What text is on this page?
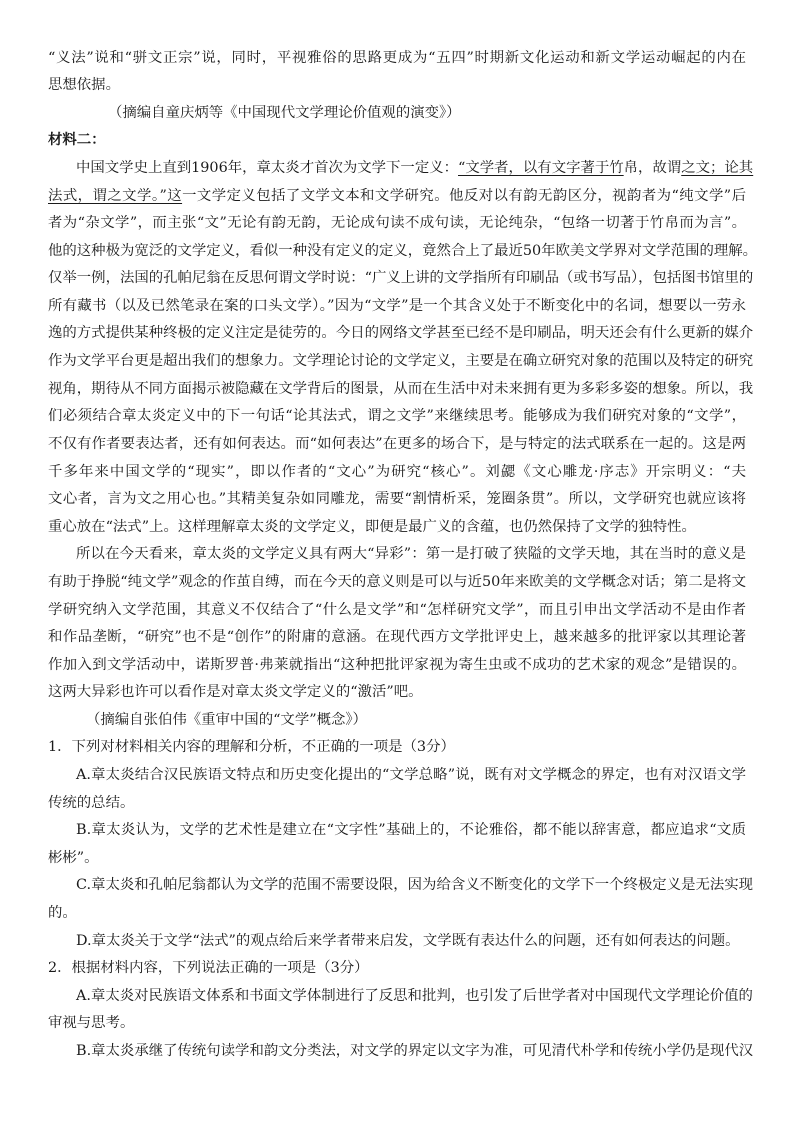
“义法”说和“骈文正宗”说，同时，平视雅俗的思路更成为“五四”时期新文化运动和新文学运动崛起的内在
思想依据。
（摘编自童庆炳等《中国现代文学理论价值观的演变》）
材料二：
中国文学史上直到1906年，章太炎才首次为文学下一定义：“文学者，以有文字著于竹帛，故谓之文；论其
法式，谓之文学。”这一文学定义包括了文学文本和文学研究。他反对以有韵无韵区分，视韵者为“纯文学”后
者为“杂文学”，而主张“文”无论有韵无韵，无论成句读不成句读，无论纯杂，“包络一切著于竹帛而为言”。
他的这种极为宽泛的文学定义，看似一种没有定义的定义，竟然合上了最近50年欧美文学界对文学范围的理解。
仅举一例，法国的孔帕尼翁在反思何谓文学时说：“广义上讲的文学指所有印刷品（或书写品），包括图书馆里的
所有藏书（以及已然笔录在案的口头文学）。”因为“文学”是一个其含义处于不断变化中的名词，想要以一劳永
逸的方式提供某种终极的定义注定是徒劳的。今日的网络文学甚至已经不是印刷品，明天还会有什么更新的媒介
作为文学平台更是超出我们的想象力。文学理论讨论的文学定义，主要是在确立研究对象的范围以及特定的研究
视角，期待从不同方面揭示被隐藏在文学背后的图景，从而在生活中对未来拥有更为多彩多姿的想象。所以，我
们必须结合章太炎定义中的下一句话“论其法式，谓之文学”来继续思考。能够成为我们研究对象的“文学”，
不仅有作者要表达者，还有如何表达。而“如何表达”在更多的场合下，是与特定的法式联系在一起的。这是两
千多年来中国文学的“现实”，即以作者的“文心”为研究“核心”。刘勰《文心雕龙·序志》开宗明义：“夫
文心者，言为文之用心也。”其精美复杂如同雕龙，需要“割情析采，笼圈条贯”。所以，文学研究也就应该将
重心放在“法式”上。这样理解章太炎的文学定义，即便是最广义的含蕴，也仍然保持了文学的独特性。
所以在今天看来，章太炎的文学定义具有两大“异彩”：第一是打破了狭隘的文学天地，其在当时的意义是
有助于挣脱“纯文学”观念的作茧自缚，而在今天的意义则是可以与近50年来欧美的文学概念对话；第二是将文
学研究纳入文学范围，其意义不仅结合了“什么是文学”和“怎样研究文学”，而且引申出文学活动不是由作者
和作品垄断，“研究”也不是“创作”的附庸的意涵。在现代西方文学批评史上，越来越多的批评家以其理论著
作加入到文学活动中，诺斯罗普·弗莱就指出“这种把批评家视为寄生虫或不成功的艺术家的观念”是错误的。
这两大异彩也许可以看作是对章太炎文学定义的“激活”吧。
（摘编自张伯伟《重审中国的“文学”概念》）
1．下列对材料相关内容的理解和分析，不正确的一项是（3分）
A.章太炎结合汉民族语文特点和历史变化提出的“文学总略”说，既有对文学概念的界定，也有对汉语文学
传统的总结。
B.章太炎认为，文学的艺术性是建立在“文字性”基础上的，不论雅俗，都不能以辞害意，都应追求“文质
彬彬”。
C.章太炎和孔帕尼翁都认为文学的范围不需要设限，因为给含义不断变化的文学下一个终极定义是无法实现
的。
D.章太炎关于文学“法式”的观点给后来学者带来启发，文学既有表达什么的问题，还有如何表达的问题。
2．根据材料内容，下列说法正确的一项是（3分）
A.章太炎对民族语文体系和书面文学体制进行了反思和批判，也引发了后世学者对中国现代文学理论价值的
审视与思考。
B.章太炎承继了传统句读学和韵文分类法，对文学的界定以文字为准，可见清代朴学和传统小学仍是现代汉
